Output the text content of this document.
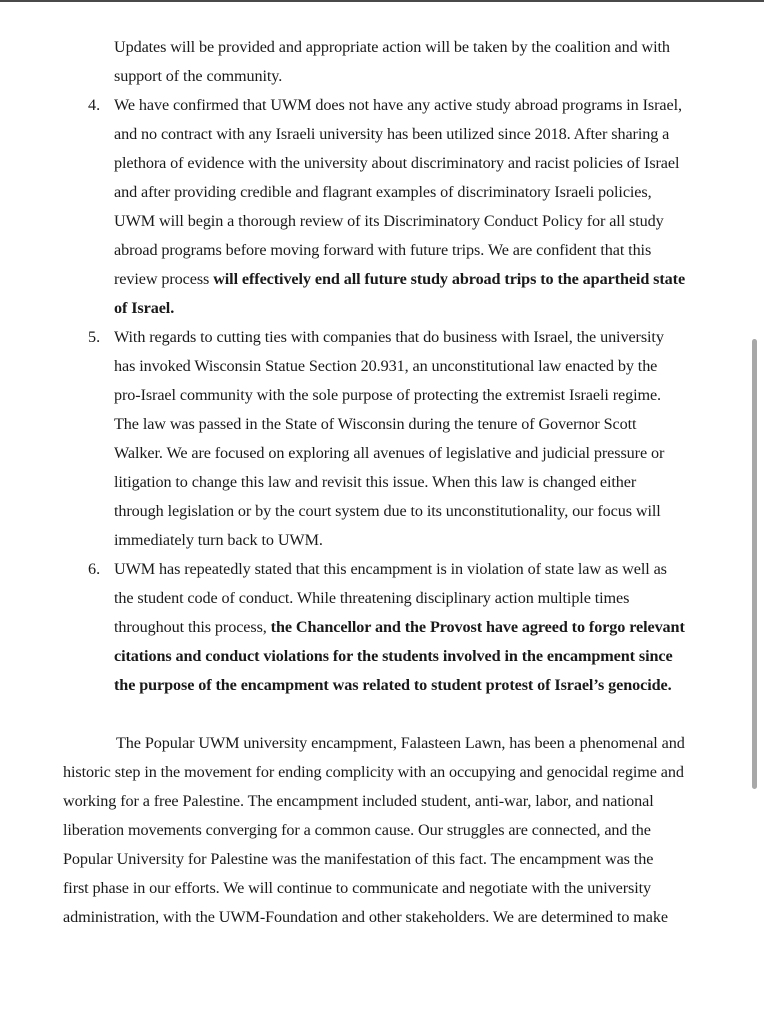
Updates will be provided and appropriate action will be taken by the coalition and with
support of the community.
4. We have confirmed that UWM does not have any active study abroad programs in Israel,
and no contract with any Israeli university has been utilized since 2018. After sharing a
plethora of evidence with the university about discriminatory and racist policies of Israel
and after providing credible and flagrant examples of discriminatory Israeli policies,
UWM will begin a thorough review of its Discriminatory Conduct Policy for all study
abroad programs before moving forward with future trips. We are confident that this
review process will effectively end all future study abroad trips to the apartheid state
of Israel.
5. With regards to cutting ties with companies that do business with Israel, the university
has invoked Wisconsin Statue Section 20.931, an unconstitutional law enacted by the
pro-Israel community with the sole purpose of protecting the extremist Israeli regime.
The law was passed in the State of Wisconsin during the tenure of Governor Scott
Walker. We are focused on exploring all avenues of legislative and judicial pressure or
litigation to change this law and revisit this issue. When this law is changed either
through legislation or by the court system due to its unconstitutionality, our focus will
immediately turn back to UWM.
6. UWM has repeatedly stated that this encampment is in violation of state law as well as
the student code of conduct. While threatening disciplinary action multiple times
throughout this process, the Chancellor and the Provost have agreed to forgo relevant
citations and conduct violations for the students involved in the encampment since
the purpose of the encampment was related to student protest of Israel’s genocide.
The Popular UWM university encampment, Falasteen Lawn, has been a phenomenal and
historic step in the movement for ending complicity with an occupying and genocidal regime and
working for a free Palestine. The encampment included student, anti-war, labor, and national
liberation movements converging for a common cause. Our struggles are connected, and the
Popular University for Palestine was the manifestation of this fact. The encampment was the
first phase in our efforts. We will continue to communicate and negotiate with the university
administration, with the UWM-Foundation and other stakeholders. We are determined to make
